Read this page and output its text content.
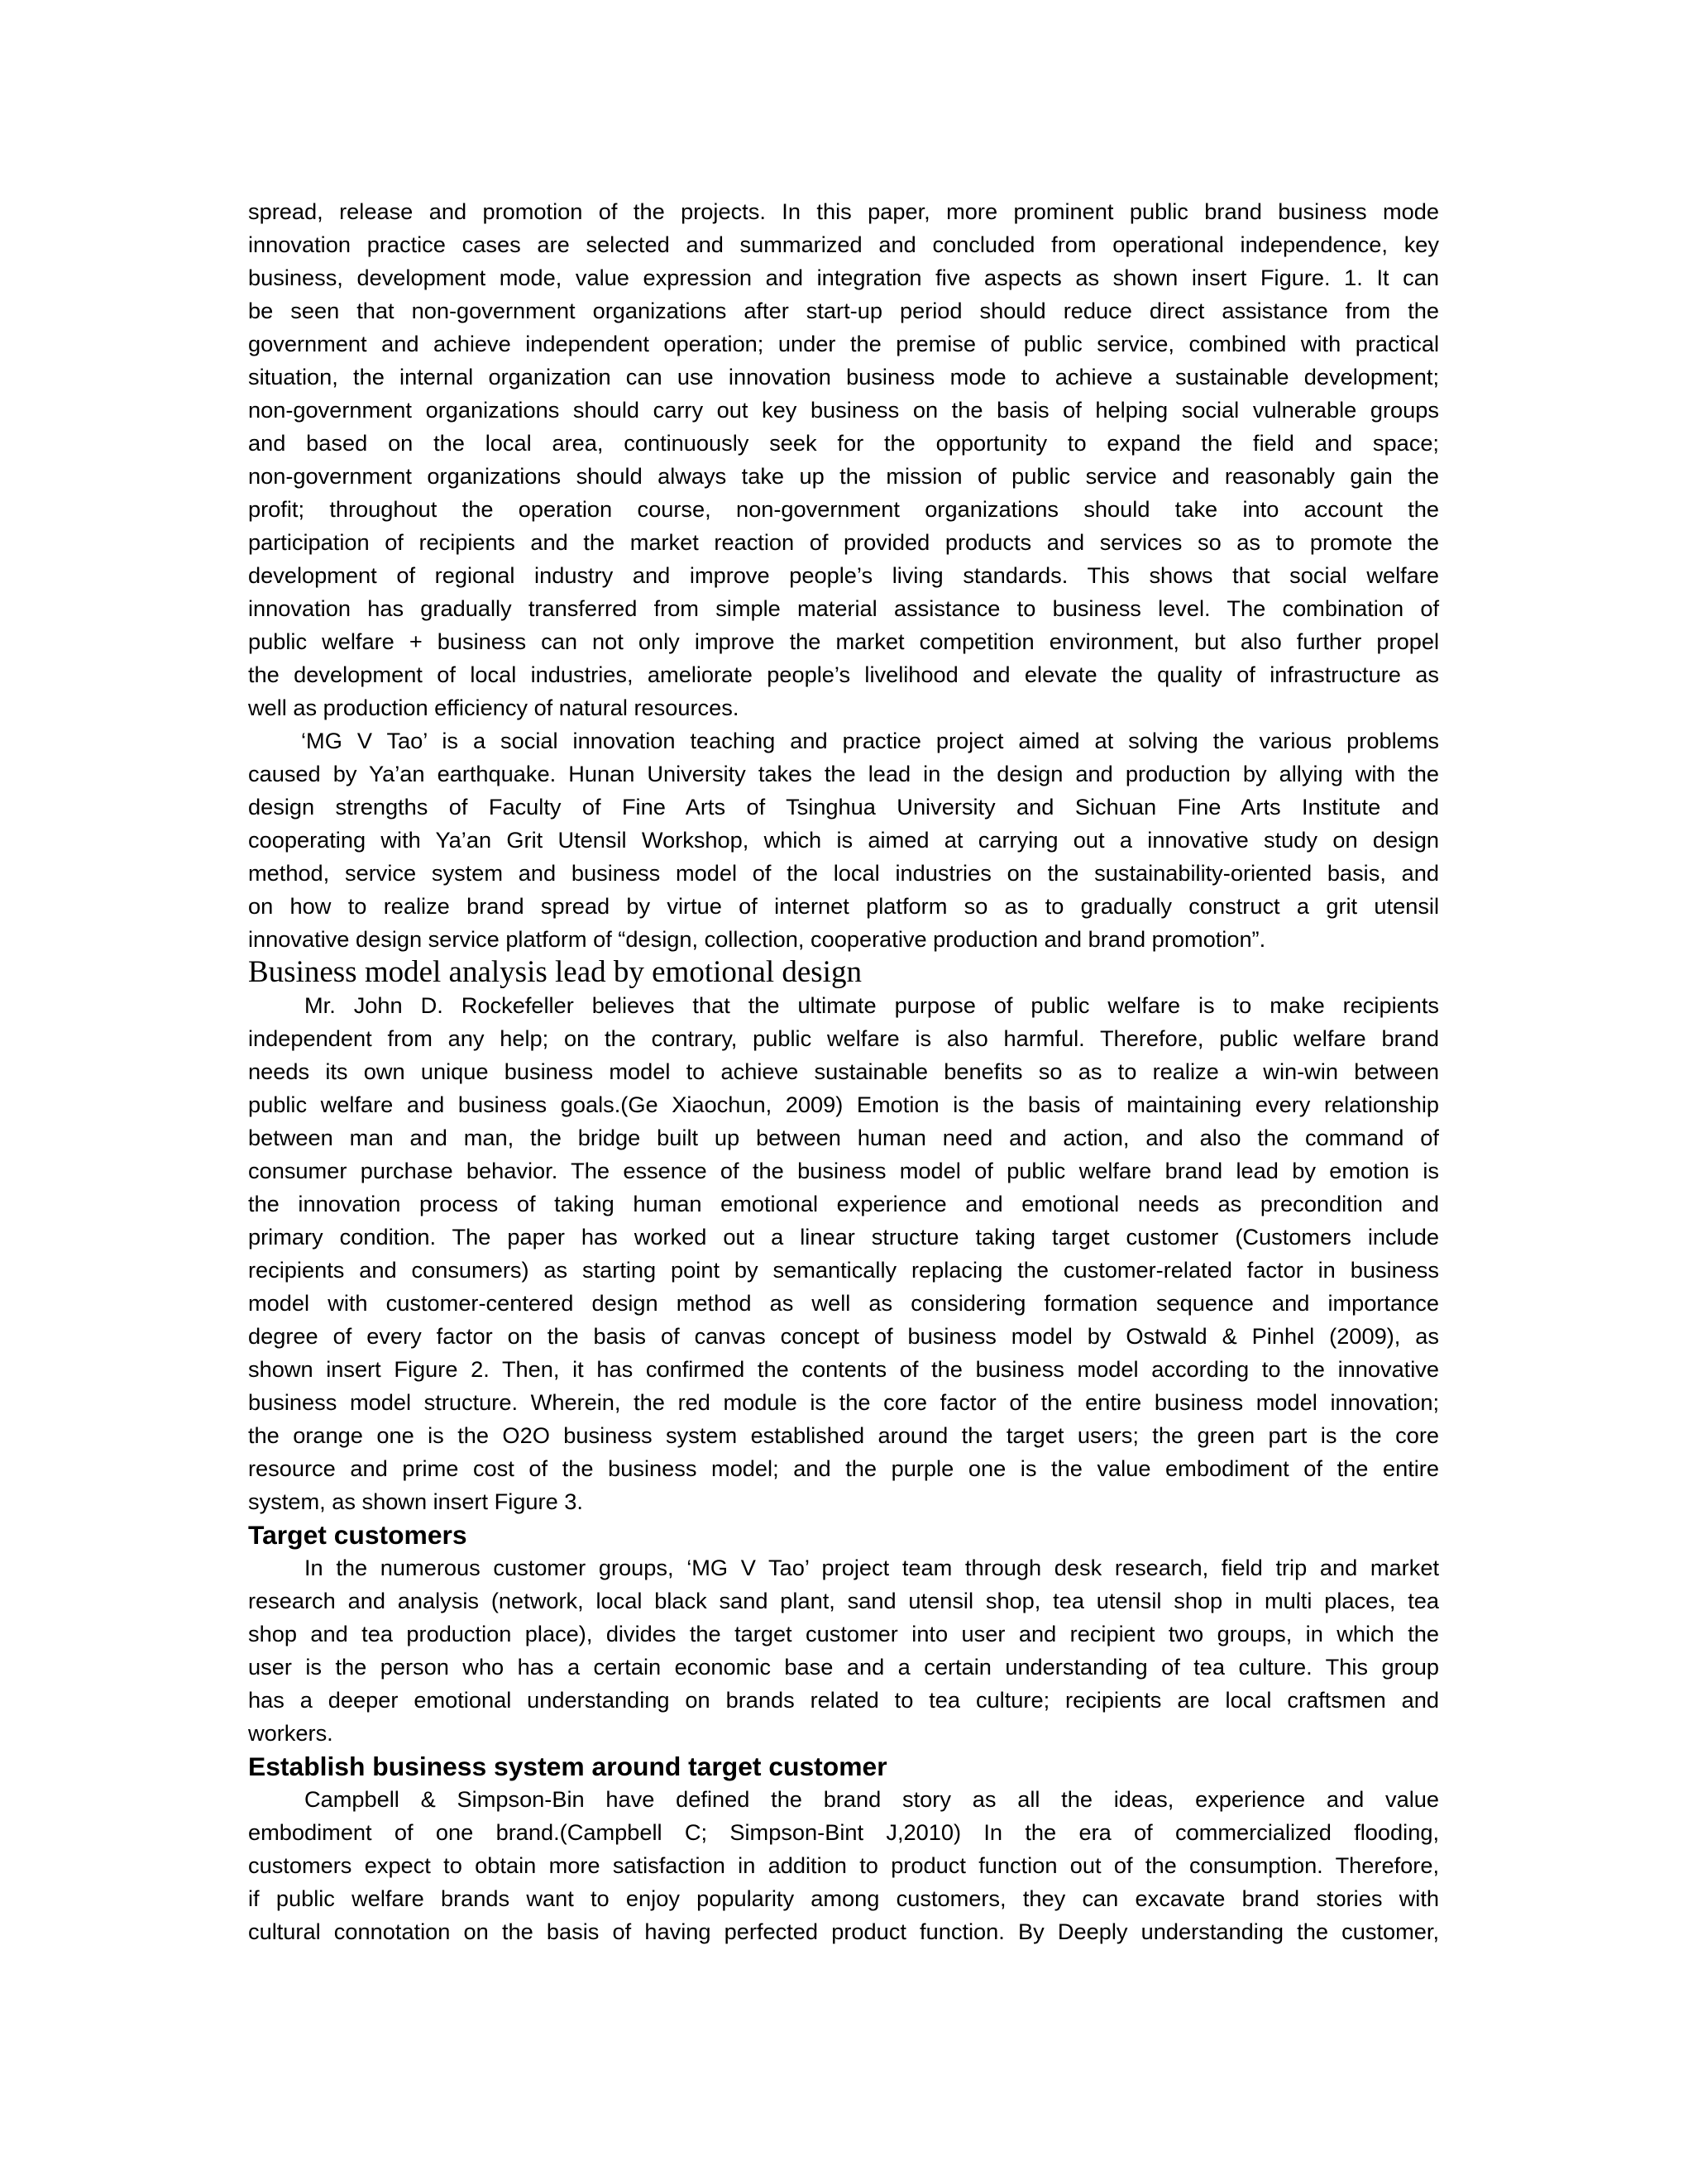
spread, release and promotion of the projects. In this paper, more prominent public brand business mode
innovation practice cases are selected and summarized and concluded from operational independence, key
business, development mode, value expression and integration five aspects as shown insert Figure. 1. It can
be seen that non-government organizations after start-up period should reduce direct assistance from the
government and achieve independent operation; under the premise of public service, combined with practical
situation, the internal organization can use innovation business mode to achieve a sustainable development;
non-government organizations should carry out key business on the basis of helping social vulnerable groups
and based on the local area, continuously seek for the opportunity to expand the field and space;
non-government organizations should always take up the mission of public service and reasonably gain the
profit; throughout the operation course, non-government organizations should take into account the
participation of recipients and the market reaction of provided products and services so as to promote the
development of regional industry and improve people’s living standards. This shows that social welfare
innovation has gradually transferred from simple material assistance to business level. The combination of
public welfare + business can not only improve the market competition environment, but also further propel
the development of local industries, ameliorate people’s livelihood and elevate the quality of infrastructure as
well as production efficiency of natural resources.
‘MG V Tao’ is a social innovation teaching and practice project aimed at solving the various problems
caused by Ya’an earthquake. Hunan University takes the lead in the design and production by allying with the
design strengths of Faculty of Fine Arts of Tsinghua University and Sichuan Fine Arts Institute and
cooperating with Ya’an Grit Utensil Workshop, which is aimed at carrying out a innovative study on design
method, service system and business model of the local industries on the sustainability-oriented basis, and
on how to realize brand spread by virtue of internet platform so as to gradually construct a grit utensil
innovative design service platform of “design, collection, cooperative production and brand promotion”.
Business model analysis lead by emotional design
Mr. John D. Rockefeller believes that the ultimate purpose of public welfare is to make recipients
independent from any help; on the contrary, public welfare is also harmful. Therefore, public welfare brand
needs its own unique business model to achieve sustainable benefits so as to realize a win-win between
public welfare and business goals.(Ge Xiaochun, 2009) Emotion is the basis of maintaining every relationship
between man and man, the bridge built up between human need and action, and also the command of
consumer purchase behavior. The essence of the business model of public welfare brand lead by emotion is
the innovation process of taking human emotional experience and emotional needs as precondition and
primary condition. The paper has worked out a linear structure taking target customer (Customers include
recipients and consumers) as starting point by semantically replacing the customer-related factor in business
model with customer-centered design method as well as considering formation sequence and importance
degree of every factor on the basis of canvas concept of business model by Ostwald & Pinhel (2009), as
shown insert Figure 2. Then, it has confirmed the contents of the business model according to the innovative
business model structure. Wherein, the red module is the core factor of the entire business model innovation;
the orange one is the O2O business system established around the target users; the green part is the core
resource and prime cost of the business model; and the purple one is the value embodiment of the entire
system, as shown insert Figure 3.
Target customers
In the numerous customer groups, ‘MG V Tao’ project team through desk research, field trip and market
research and analysis (network, local black sand plant, sand utensil shop, tea utensil shop in multi places, tea
shop and tea production place), divides the target customer into user and recipient two groups, in which the
user is the person who has a certain economic base and a certain understanding of tea culture. This group
has a deeper emotional understanding on brands related to tea culture; recipients are local craftsmen and
workers.
Establish business system around target customer
Campbell & Simpson-Bin have defined the brand story as all the ideas, experience and value
embodiment of one brand.(Campbell C; Simpson-Bint J,2010) In the era of commercialized flooding,
customers expect to obtain more satisfaction in addition to product function out of the consumption. Therefore,
if public welfare brands want to enjoy popularity among customers, they can excavate brand stories with
cultural connotation on the basis of having perfected product function. By Deeply understanding the customer,
